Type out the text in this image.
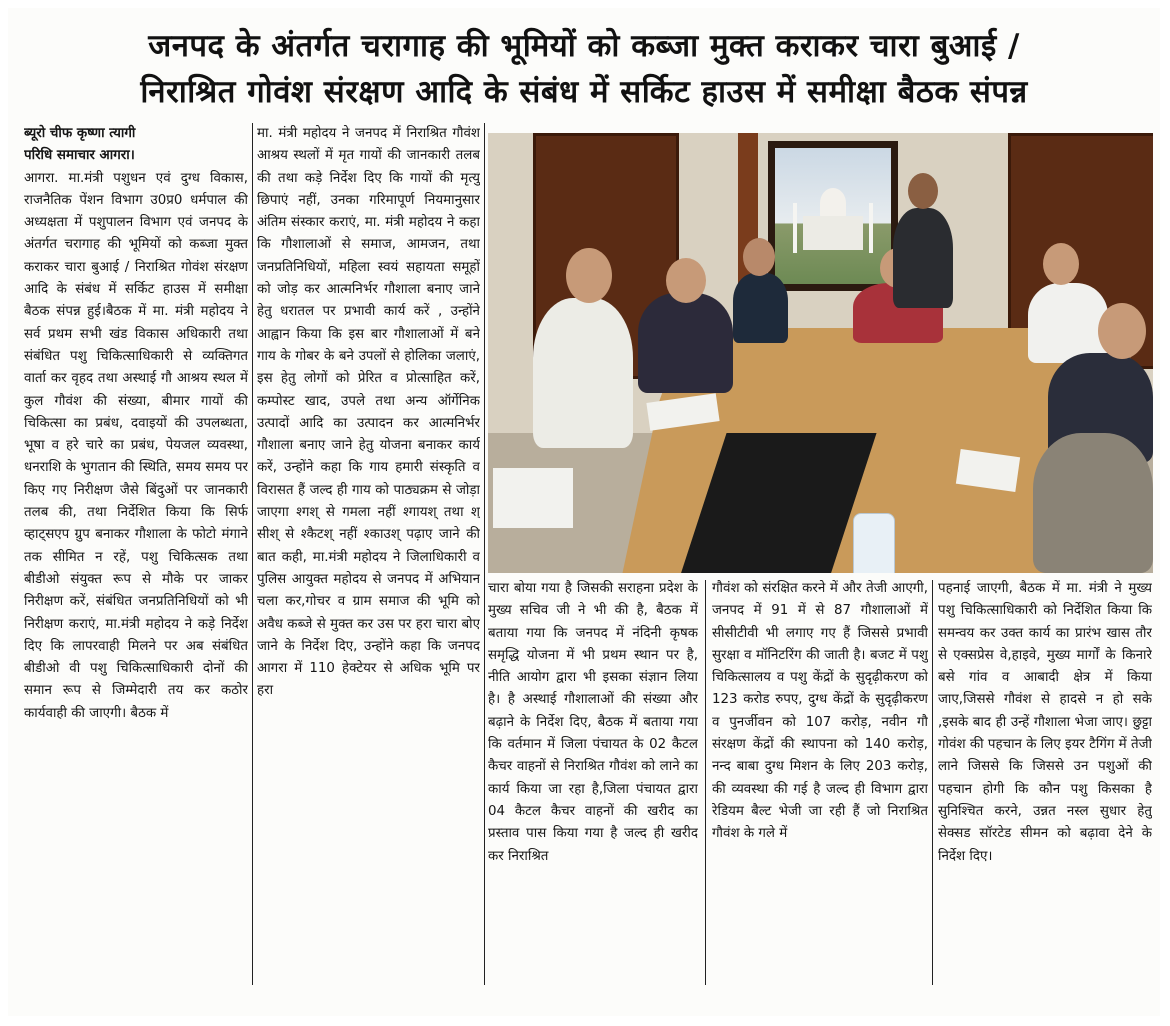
जनपद के अंतर्गत चरागाह की भूमियों को कब्जा मुक्त कराकर चारा बुआई /
निराश्रित गोवंश संरक्षण आदि के संबंध में सर्किट हाउस में समीक्षा बैठक संपन्न

ब्यूरो चीफ कृष्णा त्यागी

परिधि समाचार आगरा।

आगरा. मा.मंत्री पशुधन एवं दुग्ध विकास, राजनैतिक पेंशन विभाग उ0प्र0 धर्मपाल की अध्यक्षता में पशुपालन विभाग एवं जनपद के अंतर्गत चरागाह की भूमियों को कब्जा मुक्त कराकर चारा बुआई / निराश्रित गोवंश संरक्षण आदि के संबंध में सर्किट हाउस में समीक्षा बैठक संपन्न हुई।बैठक में मा. मंत्री महोदय ने सर्व प्रथम सभी खंड विकास अधिकारी तथा संबंधित पशु चिकित्साधिकारी से व्यक्तिगत वार्ता कर वृहद तथा अस्थाई गौ आश्रय स्थल में कुल गौवंश की संख्या, बीमार गायों की चिकित्सा का प्रबंध, दवाइयों की उपलब्धता, भूषा व हरे चारे का प्रबंध, पेयजल व्यवस्था, धनराशि के भुगतान की स्थिति, समय समय पर किए गए निरीक्षण जैसे बिंदुओं पर जानकारी तलब की, तथा निर्देशित किया कि सिर्फ व्हाट्सएप ग्रुप बनाकर गौशाला के फोटो मंगाने तक सीमित न रहें, पशु चिकित्सक तथा बीडीओ संयुक्त रूप से मौके पर जाकर निरीक्षण करें, संबंधित जनप्रतिनिधियों को भी निरीक्षण कराएं, मा.मंत्री महोदय ने कड़े निर्देश दिए कि लापरवाही मिलने पर अब संबंधित बीडीओ वी पशु चिकित्साधिकारी दोनों की समान रूप से जिम्मेदारी तय कर कठोर कार्यवाही की जाएगी। बैठक में

मा. मंत्री महोदय ने जनपद में निराश्रित गौवंश आश्रय स्थलों में मृत गायों की जानकारी तलब की तथा कड़े निर्देश दिए कि गायों की मृत्यु छिपाएं नहीं, उनका गरिमापूर्ण नियमानुसार अंतिम संस्कार कराएं, मा. मंत्री महोदय ने कहा कि गौशालाओं से समाज, आमजन, तथा जनप्रतिनिधियों, महिला स्वयं सहायता समूहों को जोड़ कर आत्मनिर्भर गौशाला बनाए जाने हेतु धरातल पर प्रभावी कार्य करें , उन्होंने आह्वान किया कि इस बार गौशालाओं में बने गाय के गोबर के बने उपलों से होलिका जलाएं, इस हेतु लोगों को प्रेरित व प्रोत्साहित करें, कम्पोस्ट खाद, उपले तथा अन्य ऑर्गेनिक उत्पादों आदि का उत्पादन कर आत्मनिर्भर गौशाला बनाए जाने हेतु योजना बनाकर कार्य करें, उन्होंने कहा कि गाय हमारी संस्कृति व विरासत हैं जल्द ही गाय को पाठ्यक्रम से जोड़ा जाएगा श्गश् से गमला नहीं श्गायश् तथा श् सीश् से श्कैटश् नहीं श्काउश् पढ़ाए जाने की बात कही, मा.मंत्री महोदय ने जिलाधिकारी व पुलिस आयुक्त महोदय से जनपद में अभियान चला कर,गोचर व ग्राम समाज की भूमि को अवैध कब्जे से मुक्त कर उस पर हरा चारा बोए जाने के निर्देश दिए, उन्होंने कहा कि जनपद आगरा में 110 हेक्टेयर से अधिक भूमि पर हरा

चारा बोया गया है जिसकी सराहना प्रदेश के मुख्य सचिव जी ने भी की है, बैठक में बताया गया कि जनपद में नंदिनी कृषक समृद्धि योजना में भी प्रथम स्थान पर है, नीति आयोग द्वारा भी इसका संज्ञान लिया है। है अस्थाई गौशालाओं की संख्या और बढ़ाने के निर्देश दिए, बैठक में बताया गया कि वर्तमान में जिला पंचायत के 02 कैटल कैचर वाहनों से निराश्रित गौवंश को लाने का कार्य किया जा रहा है,जिला पंचायत द्वारा 04 कैटल कैचर वाहनों की खरीद का प्रस्ताव पास किया गया है जल्द ही खरीद कर निराश्रित

गौवंश को संरक्षित करने में और तेजी आएगी, जनपद में 91 में से 87 गौशालाओं में सीसीटीवी भी लगाए गए हैं जिससे प्रभावी सुरक्षा व मॉनिटरिंग की जाती है। बजट में पशु चिकित्सालय व पशु केंद्रों के सुदृढ़ीकरण को 123 करोड रुपए, दुग्ध केंद्रों के सुदृढ़ीकरण व पुनर्जीवन को 107 करोड़, नवीन गौ संरक्षण केंद्रों की स्थापना को 140 करोड़, नन्द बाबा दुग्ध मिशन के लिए 203 करोड़, की व्यवस्था की गई है जल्द ही विभाग द्वारा रेडियम बैल्ट भेजी जा रही हैं जो निराश्रित गौवंश के गले में

पहनाई जाएगी, बैठक में मा. मंत्री ने मुख्य पशु चिकित्साधिकारी को निर्देशित किया कि समन्वय कर उक्त कार्य का प्रारंभ खास तौर से एक्सप्रेस वे,हाइवे, मुख्य मार्गों के किनारे बसे गांव व आबादी क्षेत्र में किया जाए,जिससे गौवंश से हादसे न हो सके ,इसके बाद ही उन्हें गौशाला भेजा जाए। छुट्टा गोवंश की पहचान के लिए इयर टैगिंग में तेजी लाने जिससे कि जिससे उन पशुओं की पहचान होगी कि कौन पशु किसका है सुनिश्चित करने, उन्नत नस्ल सुधार हेतु सेक्सड सॉरटेड सीमन को बढ़ावा देने के निर्देश दिए।
